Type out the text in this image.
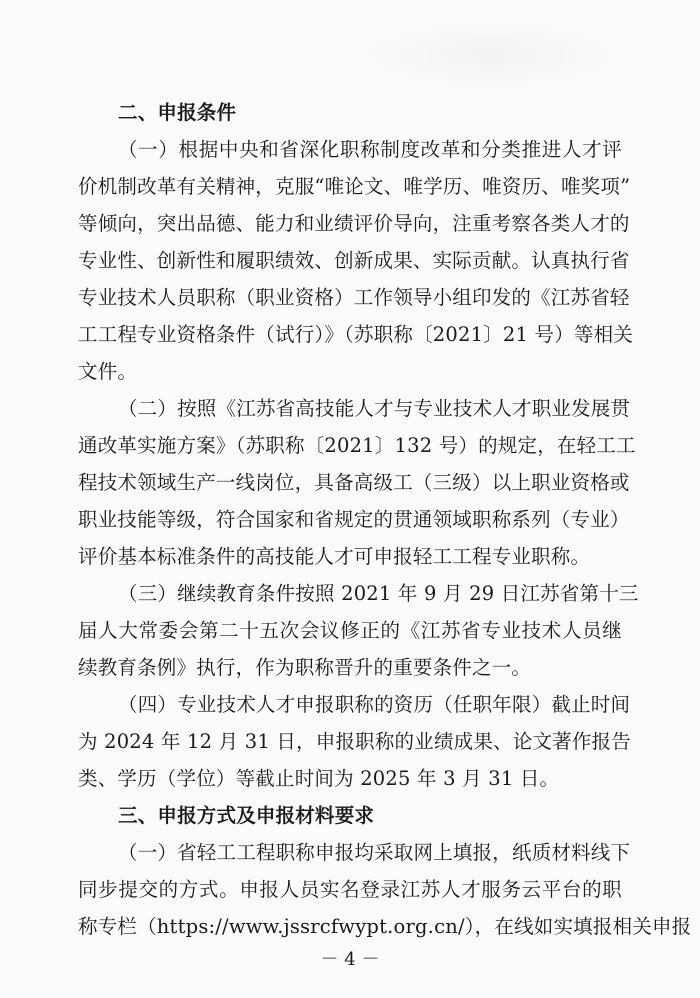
二、申报条件
（一）根据中央和省深化职称制度改革和分类推进人才评
价机制改革有关精神，克服“唯论文、唯学历、唯资历、唯奖项”
等倾向，突出品德、能力和业绩评价导向，注重考察各类人才的
专业性、创新性和履职绩效、创新成果、实际贡献。认真执行省
专业技术人员职称（职业资格）工作领导小组印发的《江苏省轻
工工程专业资格条件（试行）》（苏职称〔2021〕21 号）等相关
文件。
（二）按照《江苏省高技能人才与专业技术人才职业发展贯
通改革实施方案》（苏职称〔2021〕132 号）的规定，在轻工工
程技术领域生产一线岗位，具备高级工（三级）以上职业资格或
职业技能等级，符合国家和省规定的贯通领域职称系列（专业）
评价基本标准条件的高技能人才可申报轻工工程专业职称。
（三）继续教育条件按照 2021 年 9 月 29 日江苏省第十三
届人大常委会第二十五次会议修正的《江苏省专业技术人员继
续教育条例》执行，作为职称晋升的重要条件之一。
（四）专业技术人才申报职称的资历（任职年限）截止时间
为 2024 年 12 月 31 日，申报职称的业绩成果、论文著作报告
类、学历（学位）等截止时间为 2025 年 3 月 31 日。
三、申报方式及申报材料要求
（一）省轻工工程职称申报均采取网上填报，纸质材料线下
同步提交的方式。申报人员实名登录江苏人才服务云平台的职
称专栏（https://www.jssrcfwypt.org.cn/），在线如实填报相关申报
－ 4 －
